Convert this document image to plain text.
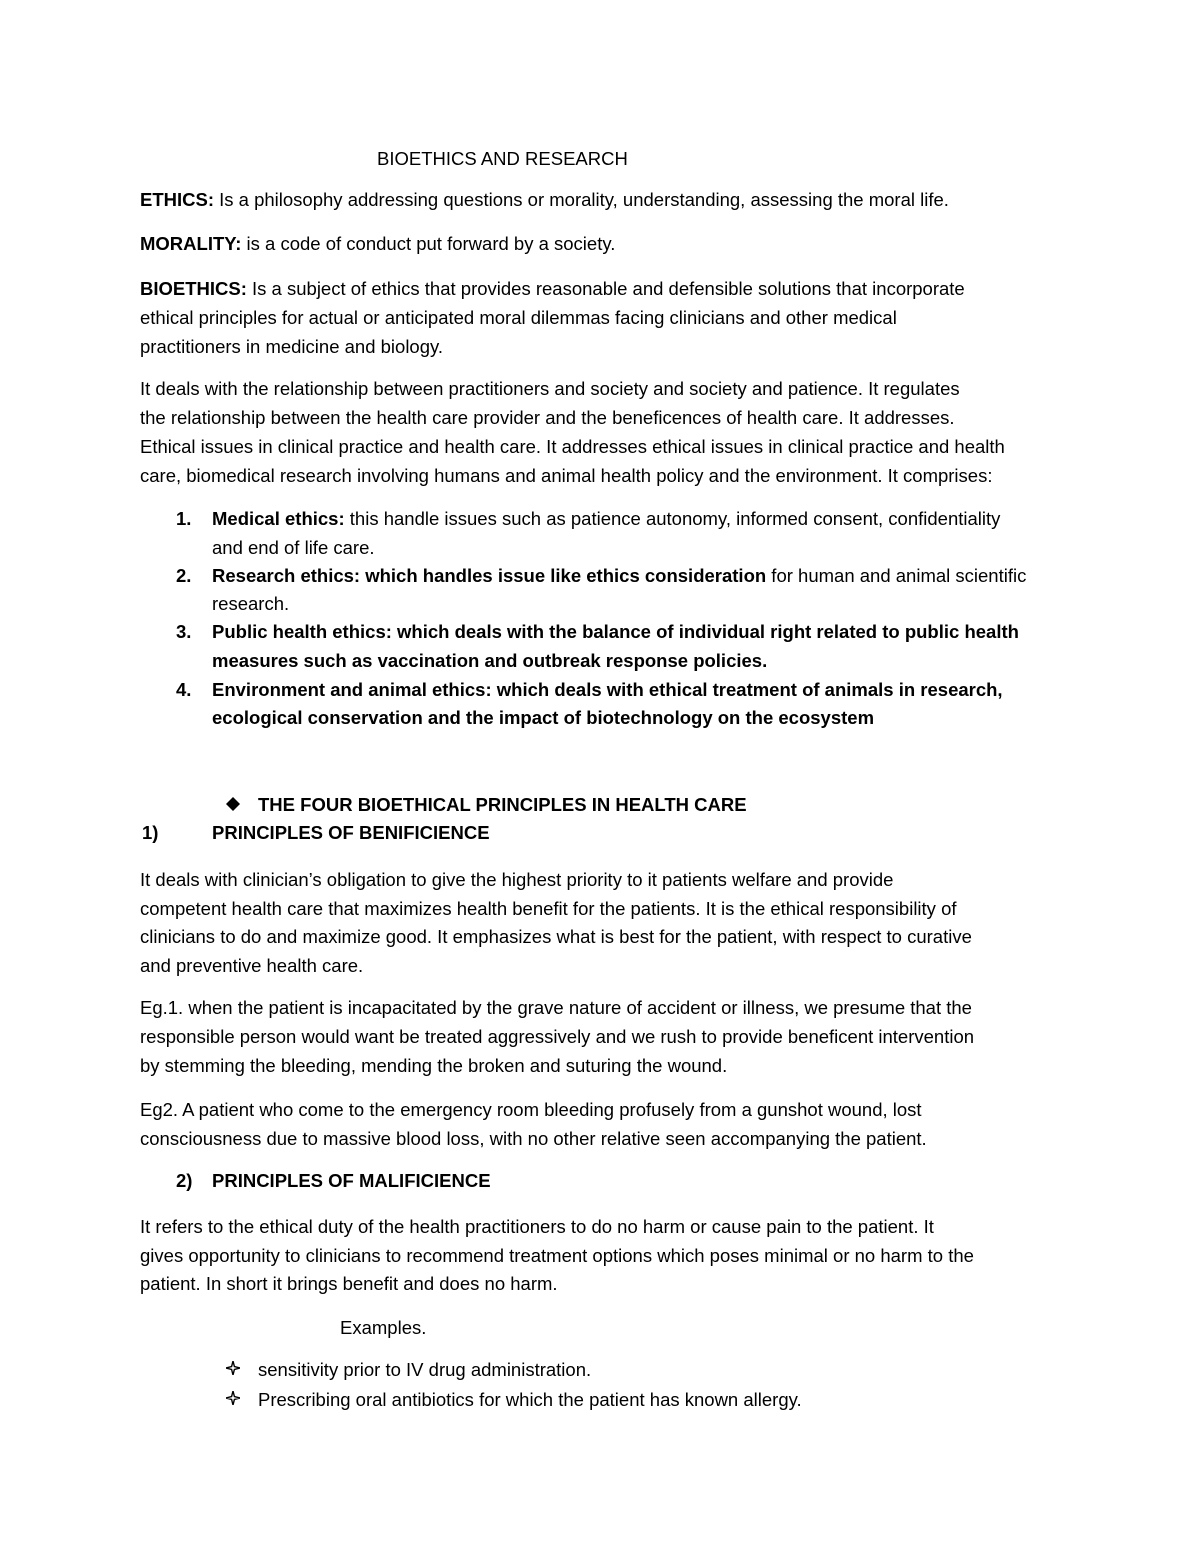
BIOETHICS AND RESEARCH
ETHICS: Is a philosophy addressing questions or morality, understanding, assessing the moral life.
MORALITY: is a code of conduct put forward by a society.
BIOETHICS: Is a subject of ethics that provides reasonable and defensible solutions that incorporate
ethical principles for actual or anticipated moral dilemmas facing clinicians and other medical
practitioners in medicine and biology.
It deals with the relationship between practitioners and society and society and patience. It regulates
the relationship between the health care provider and the beneficences of health care. It addresses.
Ethical issues in clinical practice and health care. It addresses ethical issues in clinical practice and health
care, biomedical research involving humans and animal health policy and the environment. It comprises:
1. Medical ethics: this handle issues such as patience autonomy, informed consent, confidentiality
and end of life care.
2. Research ethics: which handles issue like ethics consideration for human and animal scientific
research.
3. Public health ethics: which deals with the balance of individual right related to public health
measures such as vaccination and outbreak response policies.
4. Environment and animal ethics: which deals with ethical treatment of animals in research,
ecological conservation and the impact of biotechnology on the ecosystem
THE FOUR BIOETHICAL PRINCIPLES IN HEALTH CARE
1)	PRINCIPLES OF BENIFICIENCE
It deals with clinician’s obligation to give the highest priority to it patients welfare and provide
competent health care that maximizes health benefit for the patients. It is the ethical responsibility of
clinicians to do and maximize good. It emphasizes what is best for the patient, with respect to curative
and preventive health care.
Eg.1. when the patient is incapacitated by the grave nature of accident or illness, we presume that the
responsible person would want be treated aggressively and we rush to provide beneficent intervention
by stemming the bleeding, mending the broken and suturing the wound.
Eg2. A patient who come to the emergency room bleeding profusely from a gunshot wound, lost
consciousness due to massive blood loss, with no other relative seen accompanying the patient.
2) PRINCIPLES OF MALIFICIENCE
It refers to the ethical duty of the health practitioners to do no harm or cause pain to the patient. It
gives opportunity to clinicians to recommend treatment options which poses minimal or no harm to the
patient. In short it brings benefit and does no harm.
Examples.
sensitivity prior to IV drug administration.
Prescribing oral antibiotics for which the patient has known allergy.
